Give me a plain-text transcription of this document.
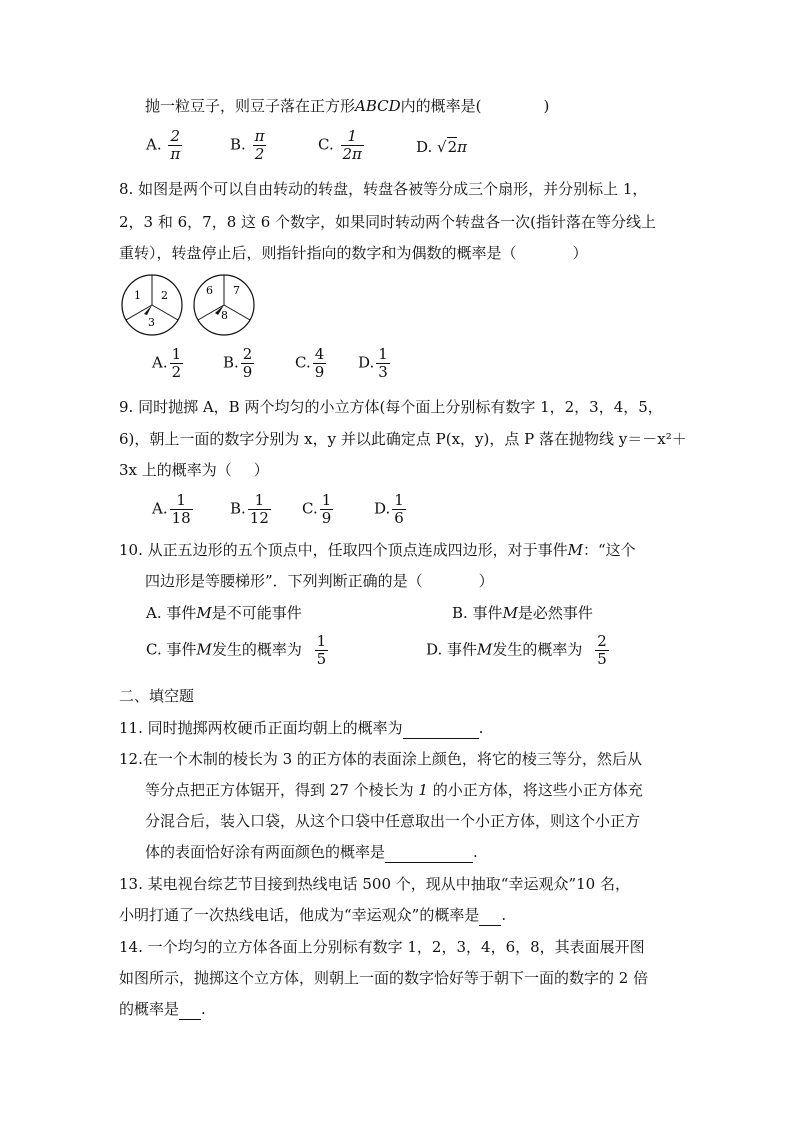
抛一粒豆子，则豆子落在正方形ABCD内的概率是(	)
A. $\frac{2}{\pi}$	B. $\frac{\pi}{2}$	C. $\frac{1}{2\pi}$	D. √2π
8. 如图是两个可以自由转动的转盘，转盘各被等分成三个扇形，并分别标上 1，
2，3 和 6，7，8 这 6 个数字，如果同时转动两个转盘各一次(指针落在等分线上
重转），转盘停止后，则指针指向的数字和为偶数的概率是（	）
1 2
3
6 7
8
A. $\frac{1}{2}$	B. $\frac{2}{9}$	C. $\frac{4}{9} D$. $\frac{1}{3}$
9. 同时抛掷 A，B 两个均匀的小立方体(每个面上分别标有数字 1，2，3，4，5，
6)，朝上一面的数字分别为 x，y 并以此确定点 P(x，y)，点 P 落在抛物线 y＝－x²＋
3x 上的概率为（ ）
A. $\frac{1}{18} B$. $\frac{1}{12} C$. $\frac{1}{9}$	D. $\frac{1}{6}$
10. 从正五边形的五个顶点中，任取四个顶点连成四边形，对于事件M：“这个
四边形是等腰梯形”．下列判断正确的是（	）
A. 事件M是不可能事件	B. 事件M是必然事件
C. 事件M发生的概率为 $\frac{1}{5}$	D. 事件M发生的概率为 $\frac{2}{5}$
二、填空题
11. 同时抛掷两枚硬币正面均朝上的概率为	.
12.在一个木制的棱长为 3 的正方体的表面涂上颜色，将它的棱三等分，然后从
等分点把正方体锯开，得到 27 个棱长为 1 的小正方体，将这些小正方体充
分混合后，装入口袋，从这个口袋中任意取出一个小正方体，则这个小正方
体的表面恰好涂有两面颜色的概率是	.
13. 某电视台综艺节目接到热线电话 500 个，现从中抽取“幸运观众”10 名，
小明打通了一次热线电话，他成为“幸运观众”的概率是 .
14. 一个均匀的立方体各面上分别标有数字 1，2，3，4，6，8，其表面展开图
如图所示，抛掷这个立方体，则朝上一面的数字恰好等于朝下一面的数字的 2 倍
的概率是 .
